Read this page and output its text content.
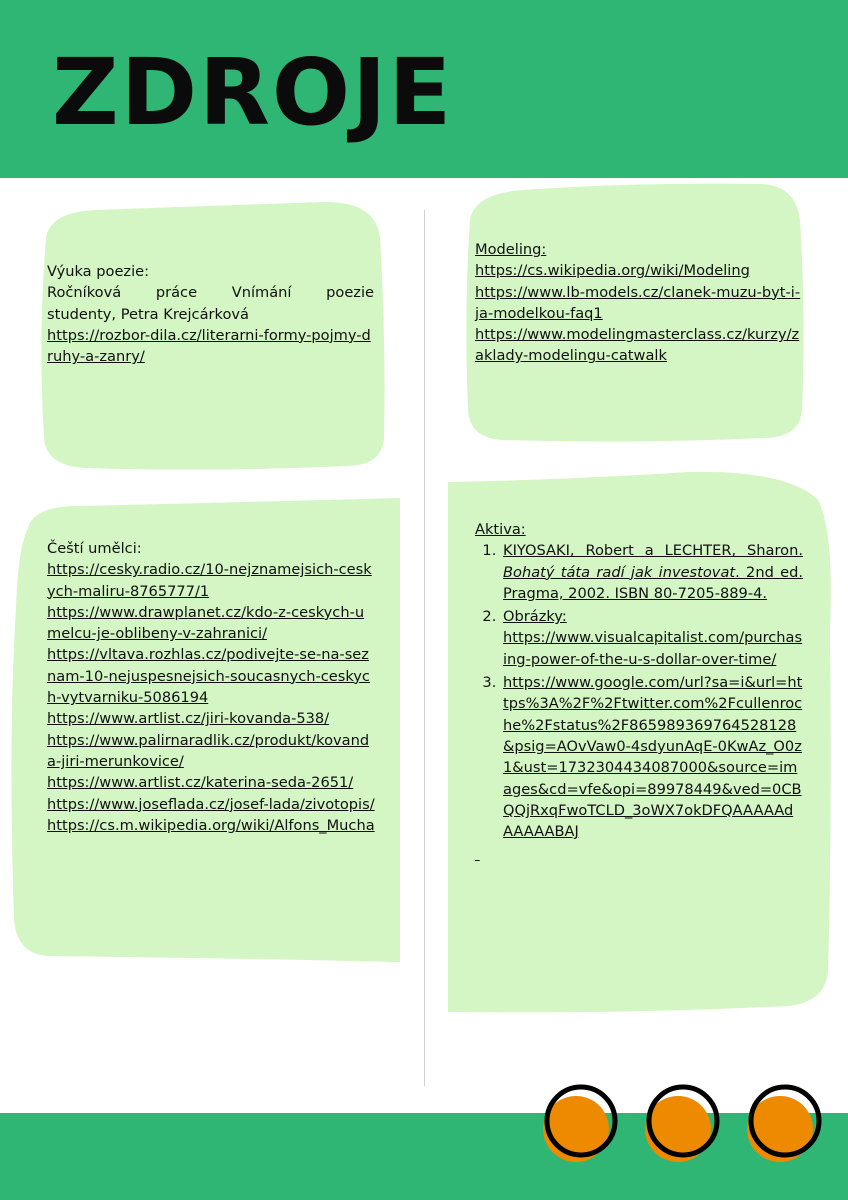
ZDROJE
Výuka poezie:
Ročníková práce Vnímání poezie
studenty, Petra Krejcárková
https://rozbor-dila.cz/literarni-formy-pojmy-druhy-a-zanry/
Modeling:
https://cs.wikipedia.org/wiki/Modeling
https://www.lb-models.cz/clanek-muzu-byt-i-ja-modelkou-faq1
https://www.modelingmasterclass.cz/kurzy/zaklady-modelingu-catwalk
Čeští umělci:
https://cesky.radio.cz/10-nejznamejsich-ceskych-maliru-8765777/1
https://www.drawplanet.cz/kdo-z-ceskych-umelcu-je-oblibeny-v-zahranici/
https://vltava.rozhlas.cz/podivejte-se-na-seznam-10-nejuspesnejsich-soucasnych-ceskych-vytvarniku-5086194
https://www.artlist.cz/jiri-kovanda-538/
https://www.palirnaradlik.cz/produkt/kovanda-jiri-merunkovice/
https://www.artlist.cz/katerina-seda-2651/
https://www.joseflada.cz/josef-lada/zivotopis/
https://cs.m.wikipedia.org/wiki/Alfons_Mucha
Aktiva:
1. KIYOSAKI, Robert a LECHTER, Sharon. Bohatý táta radí jak investovat. 2nd ed. Pragma, 2002. ISBN 80-7205-889-4.
2. Obrázky:
https://www.visualcapitalist.com/purchasing-power-of-the-u-s-dollar-over-time/
3. https://www.google.com/url?sa=i&url=https%3A%2F%2Ftwitter.com%2Fcullenroche%2Fstatus%2F865989369764528128&psig=AOvVaw0-4sdyunAqE-0KwAz_O0z1&ust=1732304434087000&source=images&cd=vfe&opi=89978449&ved=0CBQQjRxqFwoTCLD_3oWX7okDFQAAAAAdAAAAABAJ
